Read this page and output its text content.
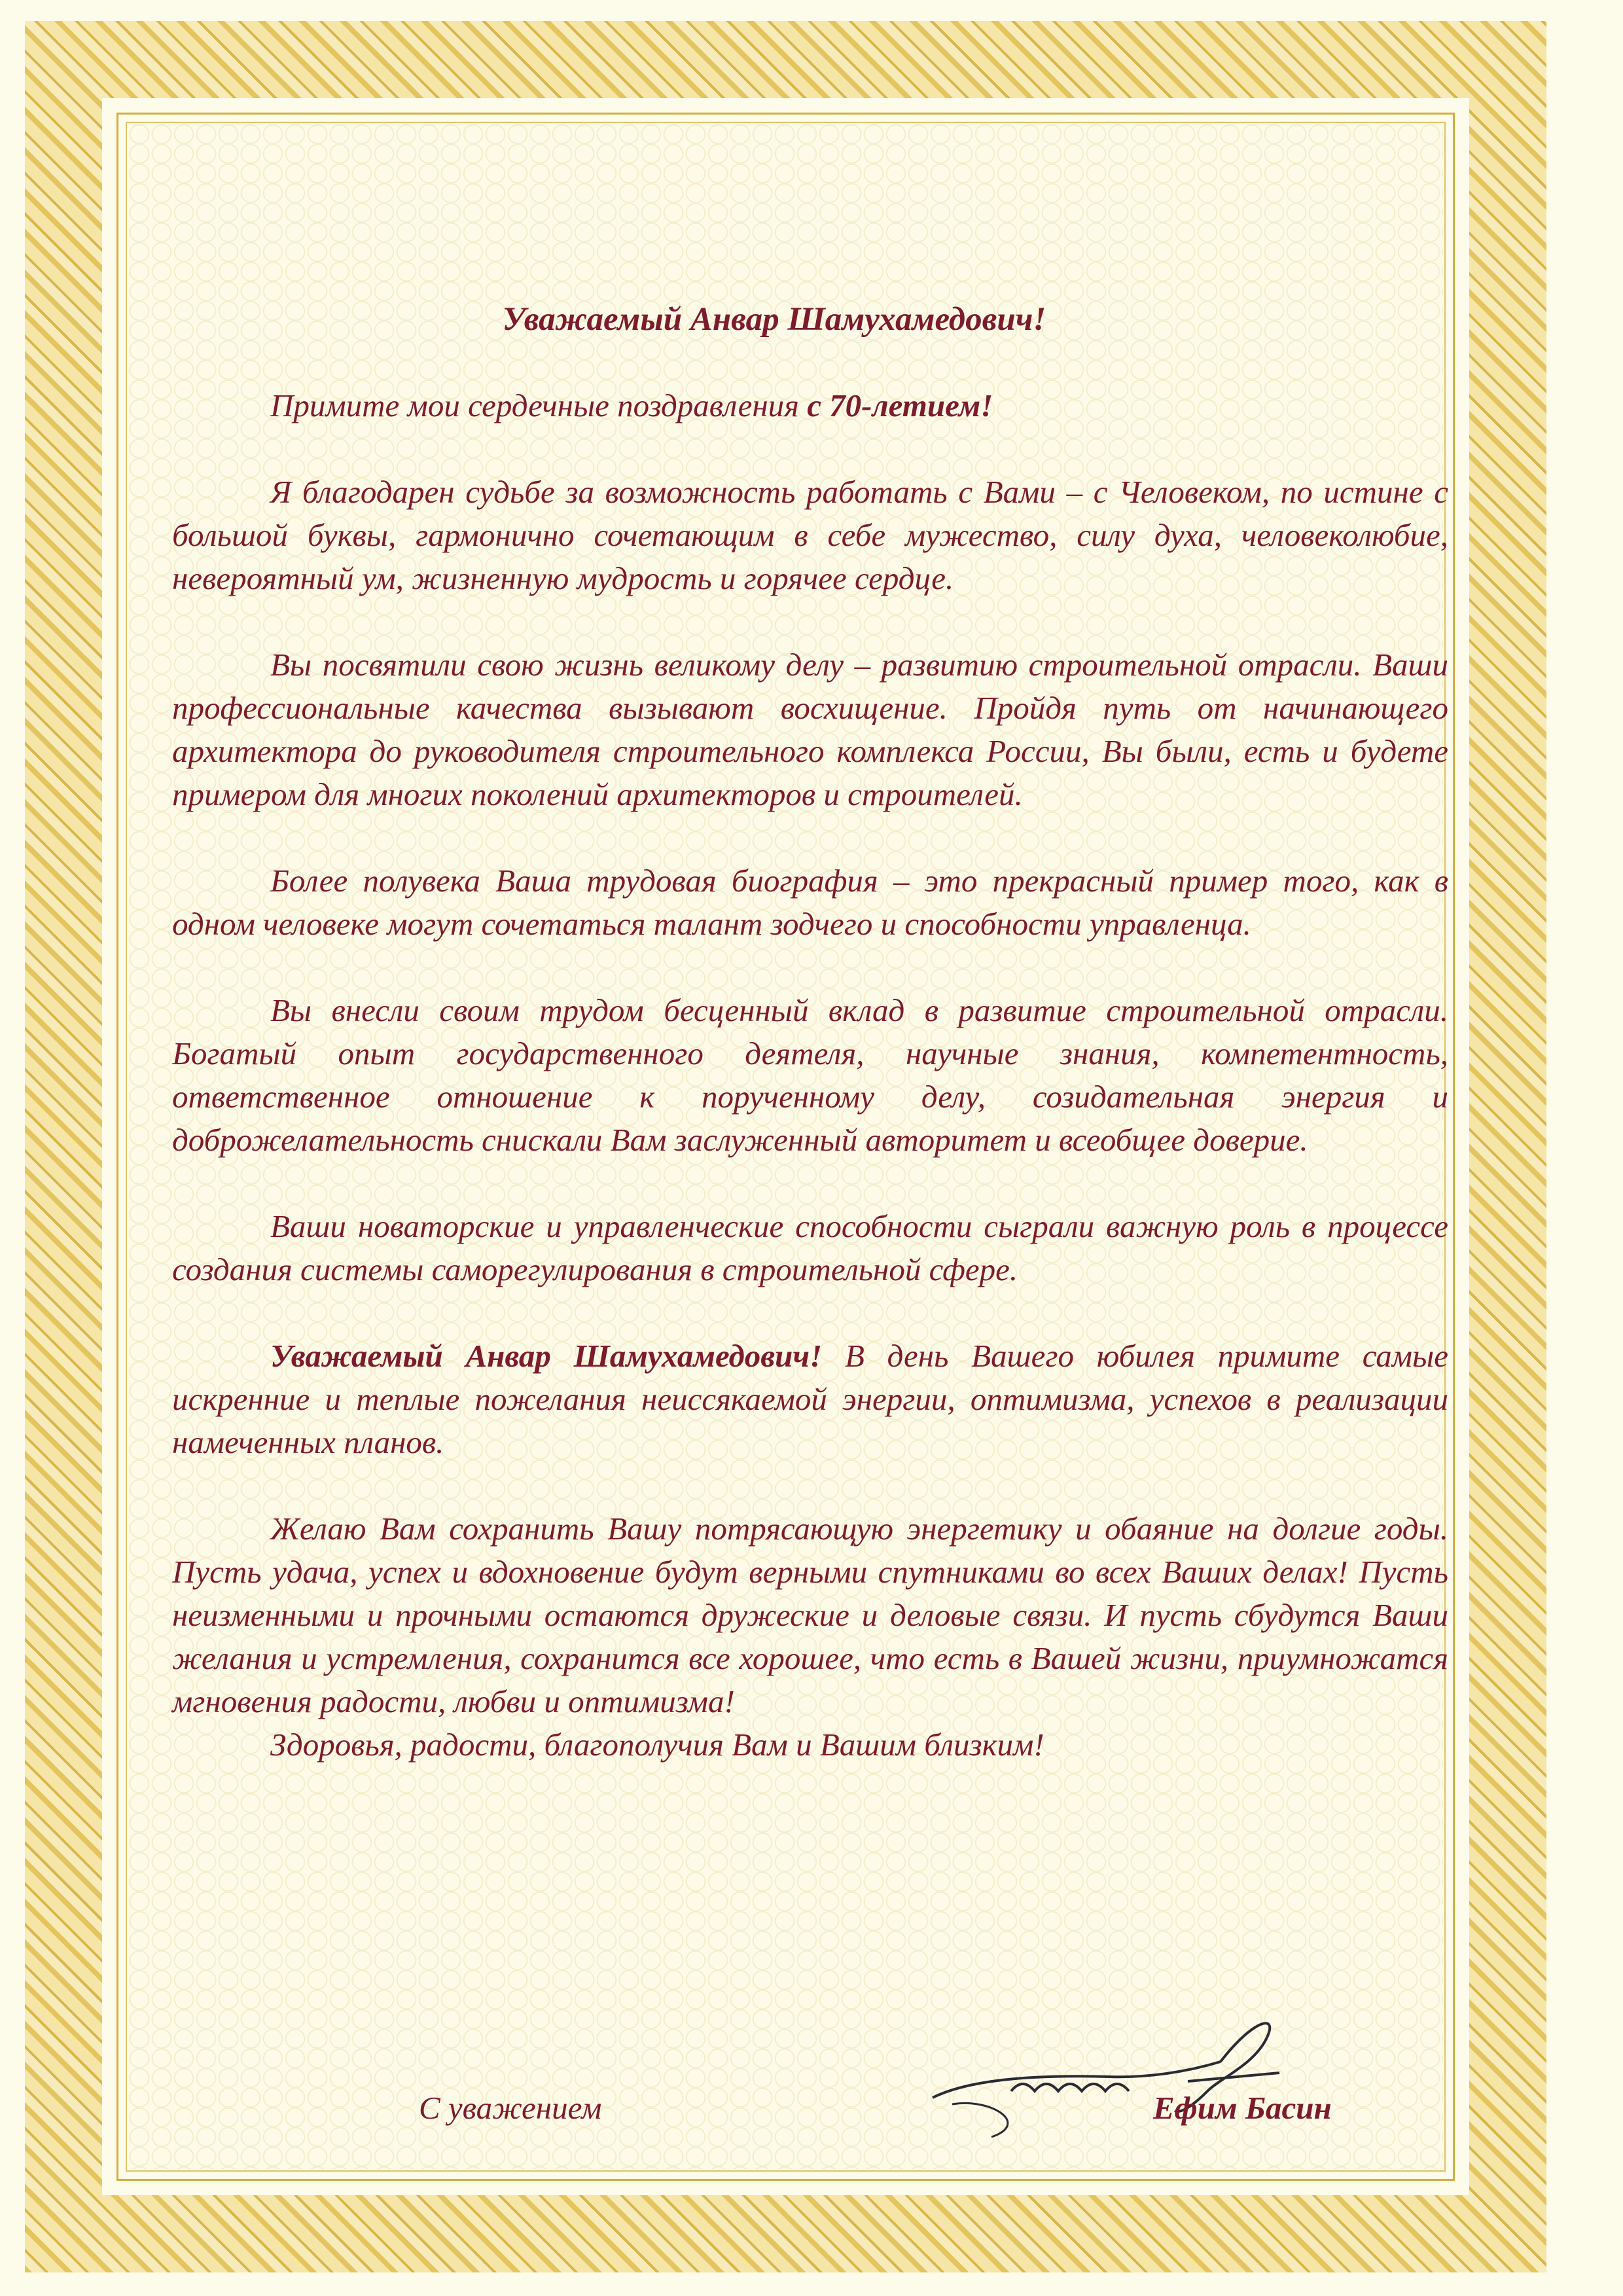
Уважаемый Анвар Шамухамедович!

Примите мои сердечные поздравления с 70-летием!

Я благодарен судьбе за возможность работать с Вами – с Человеком, по истине с большой буквы, гармонично сочетающим в себе мужество, силу духа, человеколюбие, невероятный ум, жизненную мудрость и горячее сердце.

Вы посвятили свою жизнь великому делу – развитию строительной отрасли. Ваши профессиональные качества вызывают восхищение. Пройдя путь от начинающего архитектора до руководителя строительного комплекса России, Вы были, есть и будете примером для многих поколений архитекторов и строителей.

Более полувека Ваша трудовая биография – это прекрасный пример того, как в одном человеке могут сочетаться талант зодчего и способности управленца.

Вы внесли своим трудом бесценный вклад в развитие строительной отрасли. Богатый опыт государственного деятеля, научные знания, компетентность, ответственное отношение к порученному делу, созидательная энергия и доброжелательность снискали Вам заслуженный авторитет и всеобщее доверие.

Ваши новаторские и управленческие способности сыграли важную роль в процессе создания системы саморегулирования в строительной сфере.

Уважаемый Анвар Шамухамедович! В день Вашего юбилея примите самые искренние и теплые пожелания неиссякаемой энергии, оптимизма, успехов в реализации намеченных планов.

Желаю Вам сохранить Вашу потрясающую энергетику и обаяние на долгие годы. Пусть удача, успех и вдохновение будут верными спутниками во всех Ваших делах! Пусть неизменными и прочными остаются дружеские и деловые связи. И пусть сбудутся Ваши желания и устремления, сохранится все хорошее, что есть в Вашей жизни, приумножатся мгновения радости, любви и оптимизма!

Здоровья, радости, благополучия Вам и Вашим близким!

С уважением	Ефим Басин
